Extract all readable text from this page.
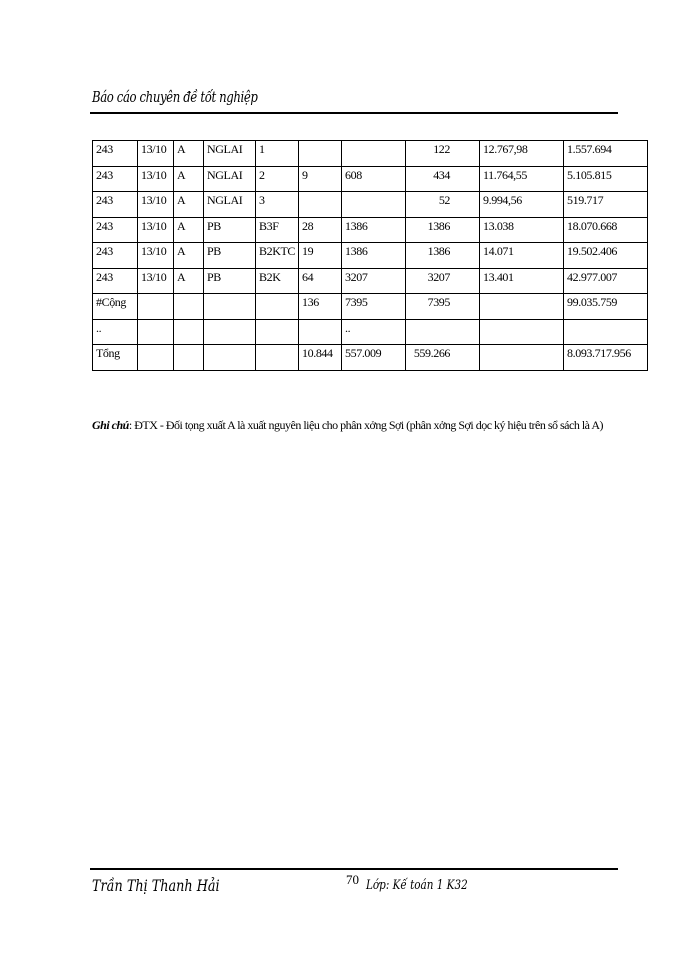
Báo cáo chuyên đề tốt nghiệp
243	13/10	A	NGLAI	1			122	12.767,98	1.557.694
243	13/10	A	NGLAI	2	9	608	434	11.764,55	5.105.815
243	13/10	A	NGLAI	3			52	9.994,56	519.717
243	13/10	A	PB	B3F	28	1386	1386	13.038	18.070.668
243	13/10	A	PB	B2KTC	19	1386	1386	14.071	19.502.406
243	13/10	A	PB	B2K	64	3207	3207	13.401	42.977.007
#Cộng					136	7395	7395		99.035.759
..						..			
Tổng					10.844	557.009	559.266		8.093.717.956
Ghi chú: ĐTX - Đối tọng xuất A là xuất nguyên liệu cho phân xởng Sợi (phân xởng Sợi dọc ký hiệu trên sổ sách là A)
Trần Thị Thanh Hải	70 Lớp: Kế toán 1 K32
